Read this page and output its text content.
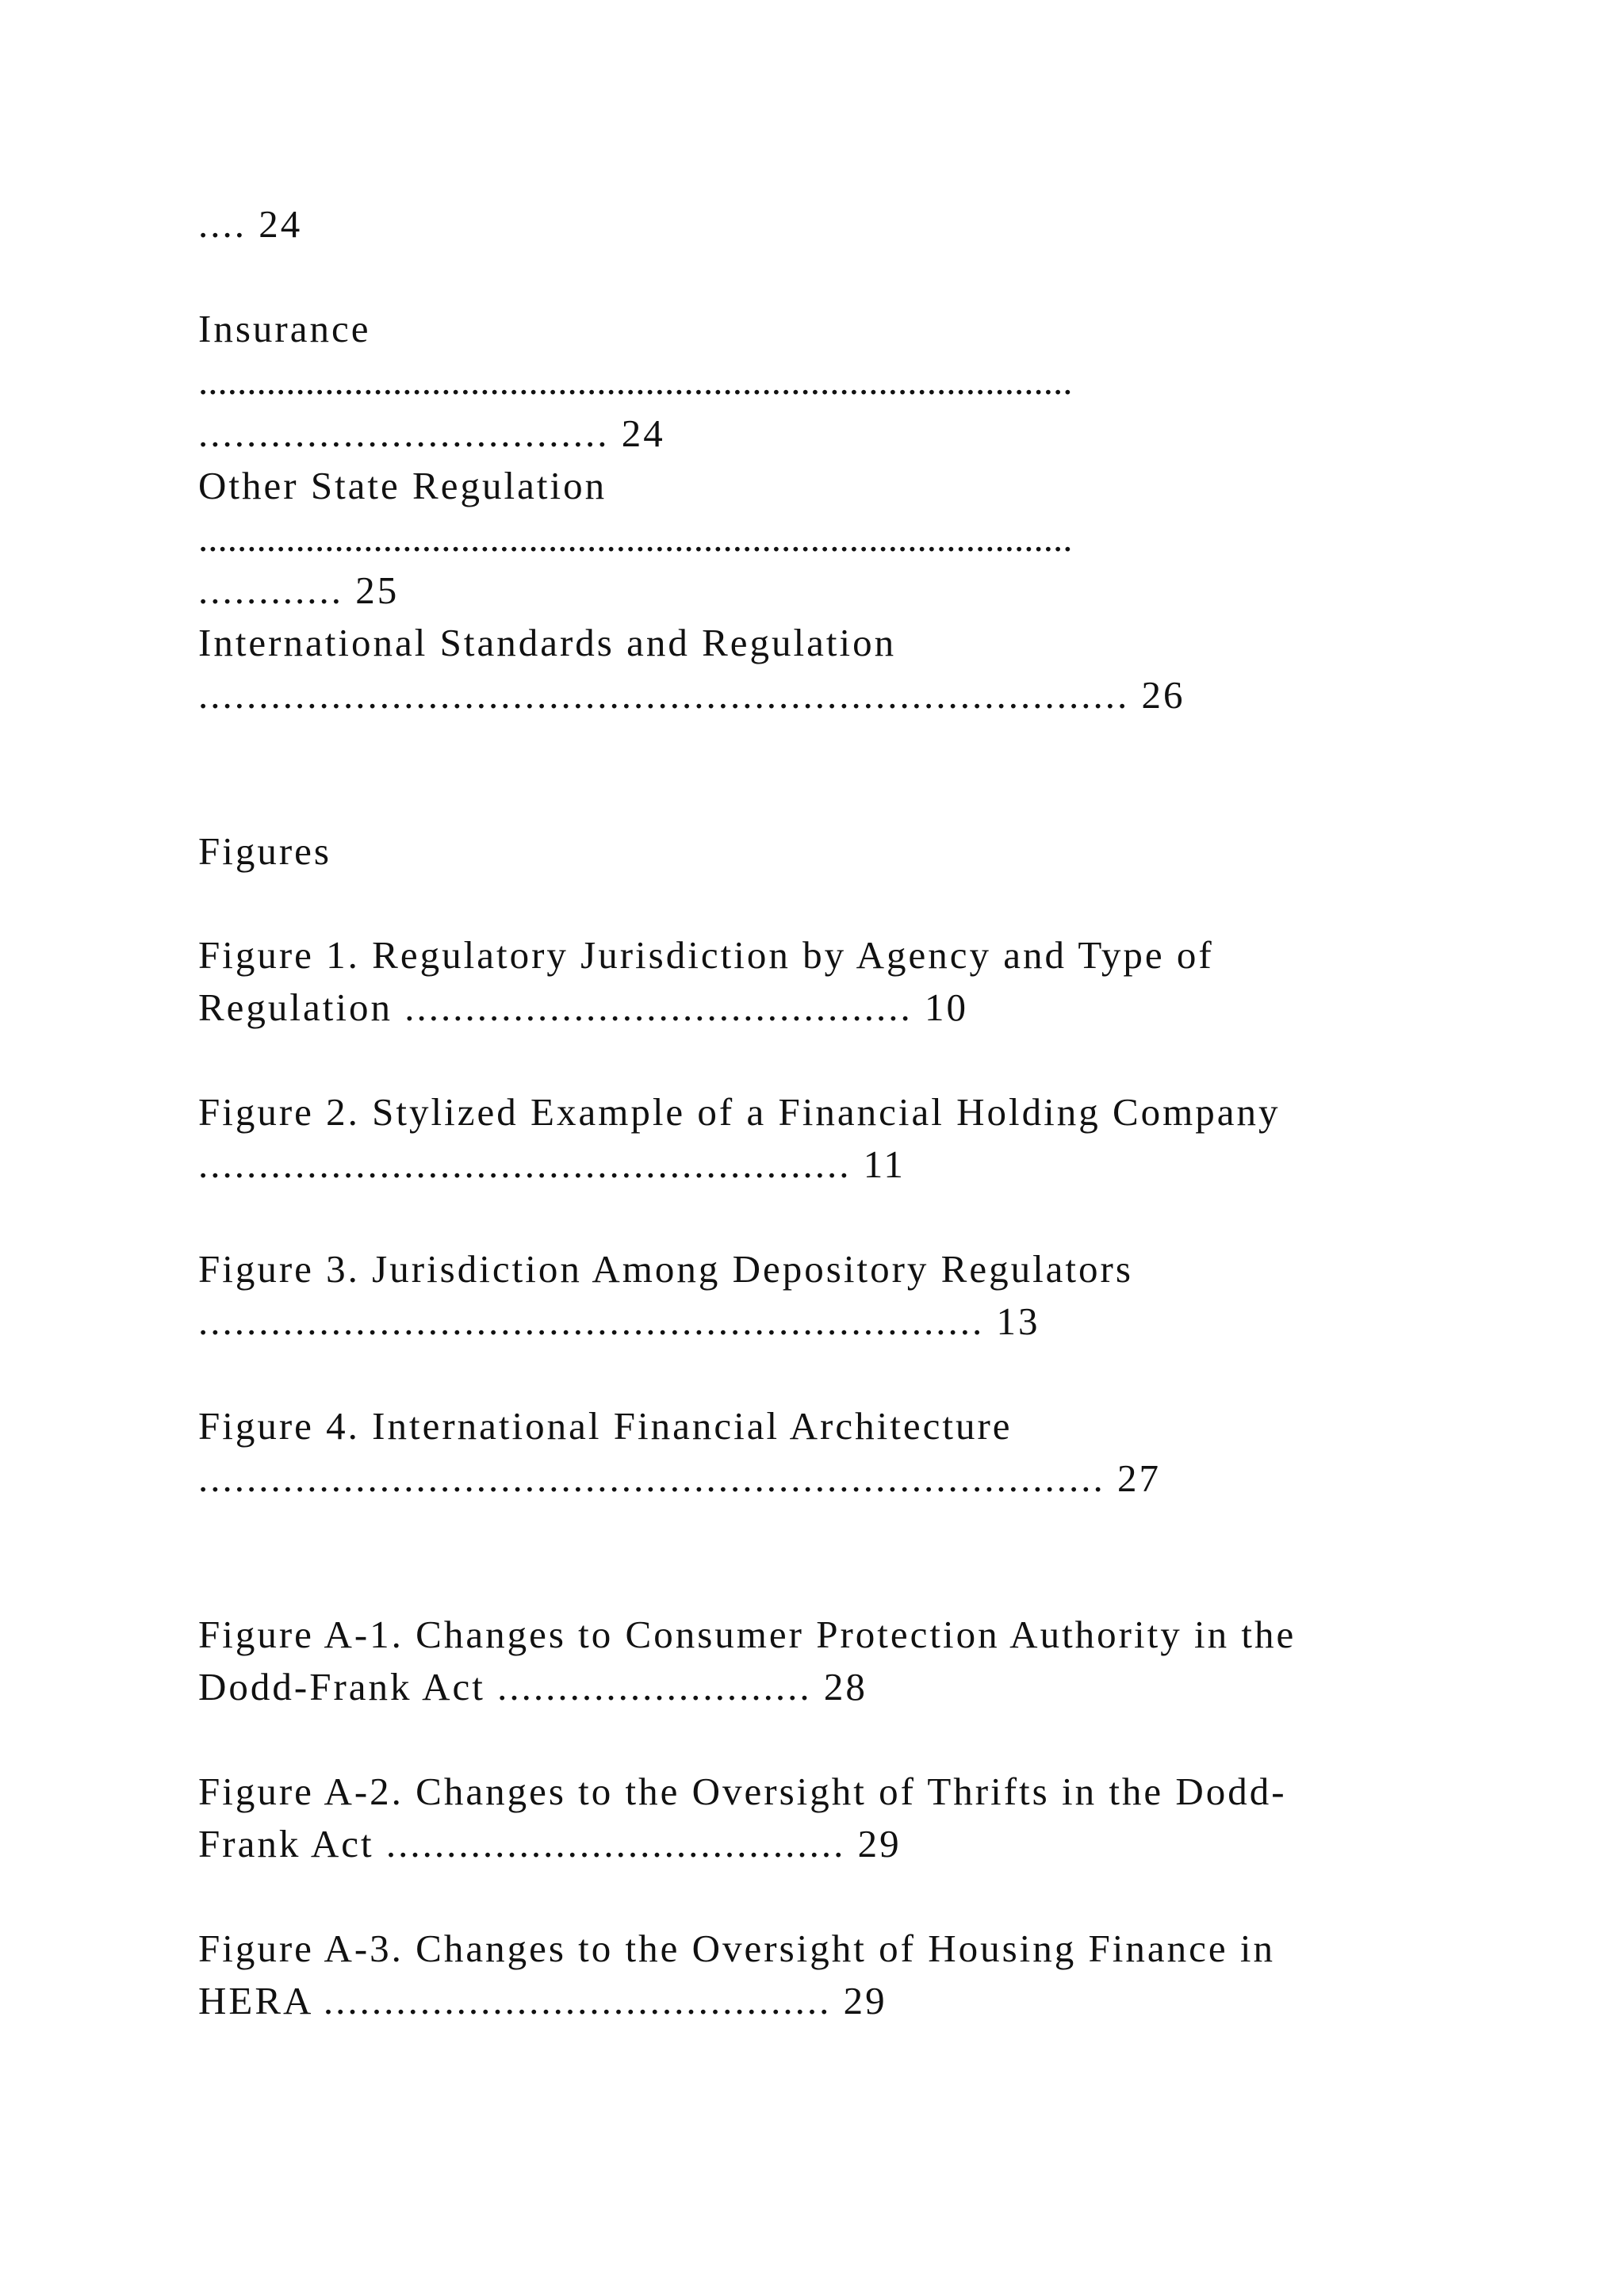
.... 24
Insurance
..........................................................................................
.................................. 24
Other State Regulation
..........................................................................................
............ 25
International Standards and Regulation
............................................................................. 26
Figures
Figure 1. Regulatory Jurisdiction by Agency and Type of
Regulation .......................................... 10
Figure 2. Stylized Example of a Financial Holding Company
...................................................... 11
Figure 3. Jurisdiction Among Depository Regulators
................................................................. 13
Figure 4. International Financial Architecture
........................................................................... 27
Figure A-1. Changes to Consumer Protection Authority in the
Dodd-Frank Act .......................... 28
Figure A-2. Changes to the Oversight of Thrifts in the Dodd-
Frank Act ...................................... 29
Figure A-3. Changes to the Oversight of Housing Finance in
HERA .......................................... 29
